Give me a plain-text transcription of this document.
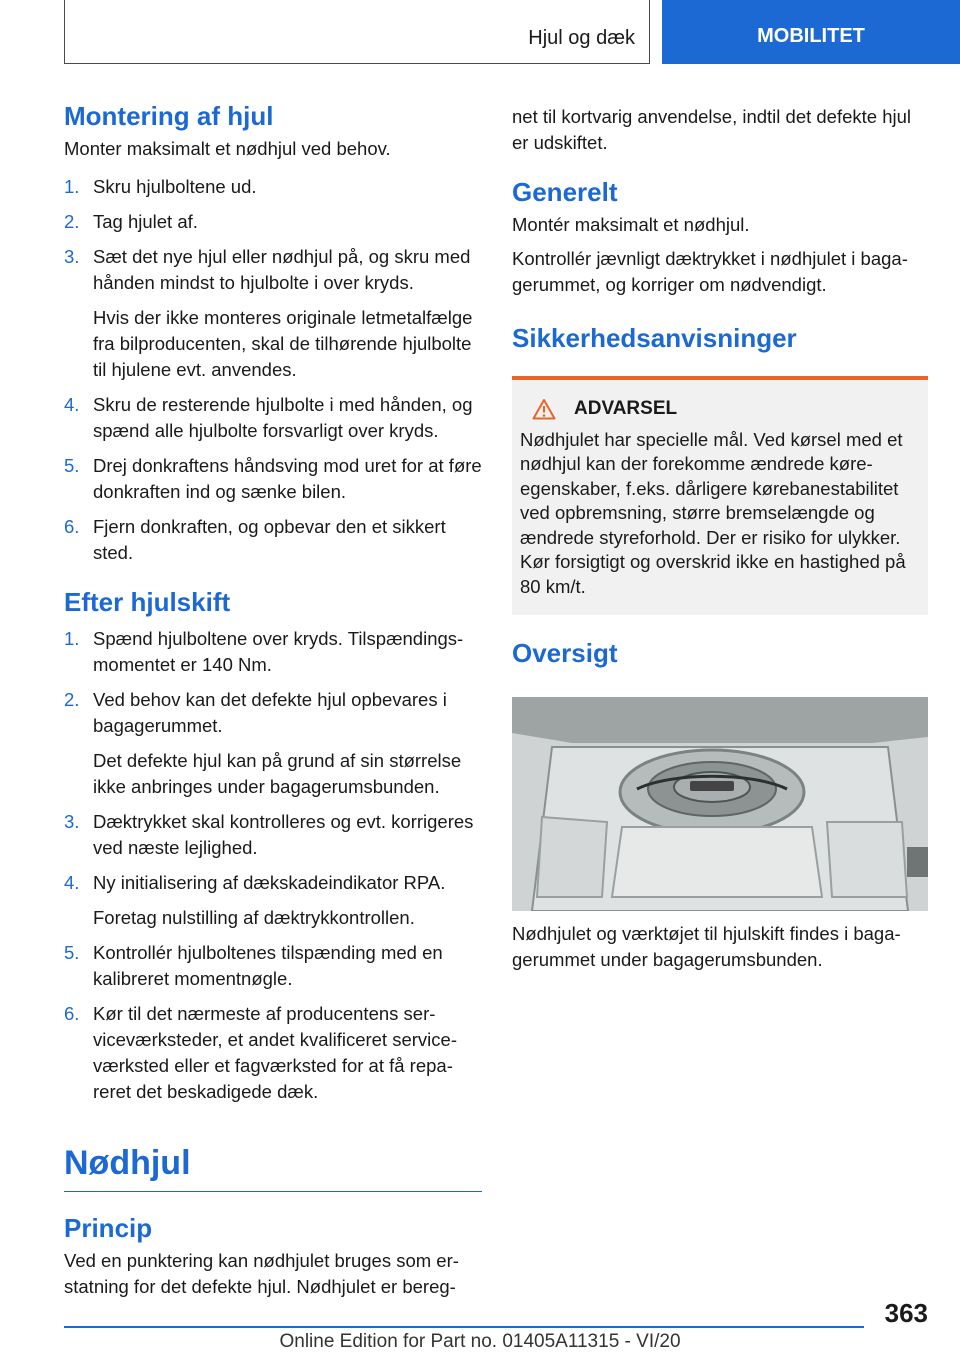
Hjul og dæk	MOBILITET
Montering af hjul

Monter maksimalt et nødhjul ved behov.

1. Skru hjulboltene ud.
2. Tag hjulet af.
3. Sæt det nye hjul eller nødhjul på, og skru med hånden mindst to hjulbolte i over kryds.
Hvis der ikke monteres originale letmetalfælge fra bilproducenten, skal de tilhørende hjulbolte til hjulene evt. anvendes.
4. Skru de resterende hjulbolte i med hånden, og spænd alle hjulbolte forsvarligt over kryds.
5. Drej donkraftens håndsving mod uret for at føre donkraften ind og sænke bilen.
6. Fjern donkraften, og opbevar den et sikkert sted.
Efter hjulskift
1. Spænd hjulboltene over kryds. Tilspændingsmomentet er 140 Nm.
2. Ved behov kan det defekte hjul opbevares i bagagerummet.
Det defekte hjul kan på grund af sin størrelse ikke anbringes under bagagerumsbunden.
3. Dæktrykket skal kontrolleres og evt. korrigeres ved næste lejlighed.
4. Ny initialisering af dækskadeindikator RPA.
Foretag nulstilling af dæktrykkontrollen.
5. Kontrollér hjulboltenes tilspænding med en kalibreret momentnøgle.
6. Kør til det nærmeste af producentens serviceværksteder, et andet kvalificeret serviceværksted eller et fagværksted for at få repareret det beskadigede dæk.
Nødhjul
Princip

Ved en punktering kan nødhjulet bruges som erstatning for det defekte hjul. Nødhjulet er bereg-

net til kortvarig anvendelse, indtil det defekte hjul er udskiftet.

Generelt

Montér maksimalt et nødhjul.

Kontrollér jævnligt dæktrykket i nødhjulet i bagagerummet, og korriger om nødvendigt.

Sikkerhedsanvisninger
ADVARSEL

Nødhjulet har specielle mål. Ved kørsel med et nødhjul kan der forekomme ændrede køreegenskaber, f.eks. dårligere kørebanestabilitet ved opbremsning, større bremselængde og ændrede styreforhold. Der er risiko for ulykker. Kør forsigtigt og overskrid ikke en hastighed på 80 km/t.

Oversigt

Nødhjulet og værktøjet til hjulskift findes i bagagerummet under bagagerumsbunden.

363
Online Edition for Part no. 01405A11315 - VI/20
